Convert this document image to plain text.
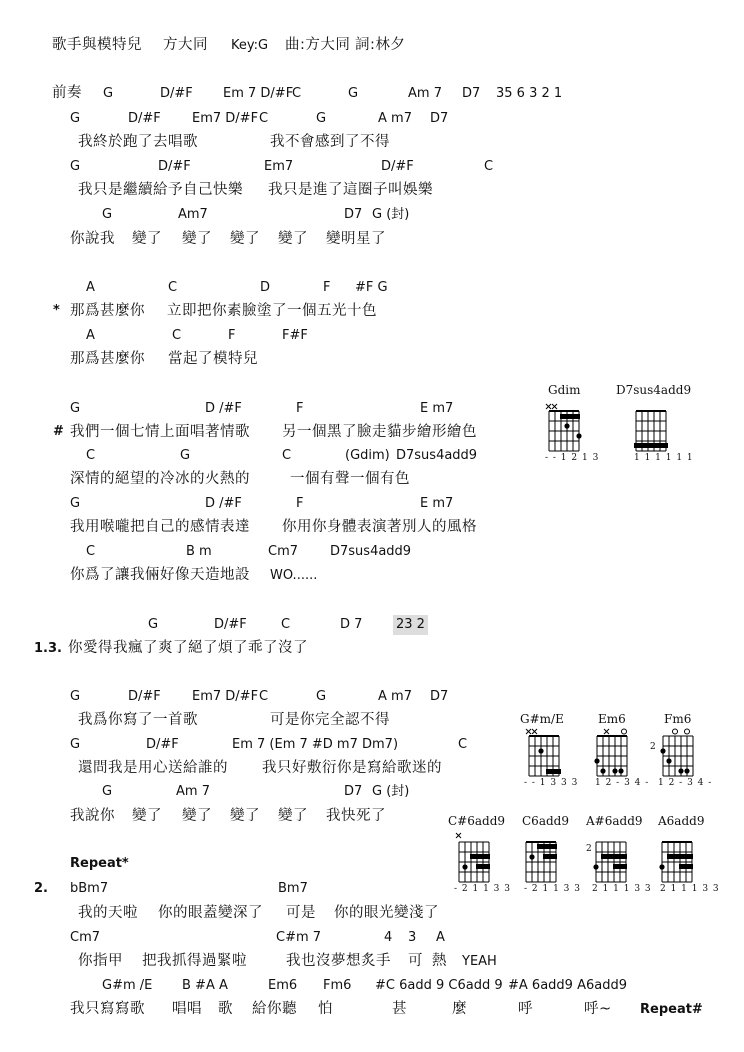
歌手與模特兒 方大同 Key:G 曲:方大同 詞:林夕
前奏 G	D/#F Em 7 D/#F
C	G	Am 7 D7 35 6 3 2 1
G	D/#F Em7 D/#F C	G	A m7 D7
我終於跑了去唱歌	我不會感到了不得
G	D/#F	Em7	D/#F	C
我只是繼續給予自己快樂 我只是進了這圈子叫娛樂
G	Am7	D7 G (封)
你說我 變了 變了 變了 變了 變明星了
A	C	D	F #F G
* 那爲甚麼你 立即把你素臉塗了一個五光十色
A	C	F	F#F
那爲甚麼你 當起了模特兒
G	D /#F	F	E m7
# 我們一個七情上面唱著情歌 另一個黑了臉走貓步繪形繪色
C	G	C	(Gdim) D7sus4add9
深情的絕望的冷冰的火熱的	一個有聲一個有色
G	D /#F	F	E m7
我用喉嚨把自己的感情表達 你用你身體表演著別人的風格
C	B m	Cm7 D7sus4add9
你爲了讓我倆好像天造地設 WO......
G	D/#F	C	D 7	23 2
1.3. 你愛得我瘋了爽了絕了煩了乖了沒了
G	D/#F Em7 D/#F C	G	A m7 D7
我爲你寫了一首歌	可是你完全認不得
G	D/#F	Em 7 (Em 7 #D m7 Dm7)	C
還問我是用心送給誰的 我只好敷衍你是寫給歌迷的
G	Am 7	D7 G (封)
我說你 變了 變了 變了 變了 我快死了
Repeat*
2. bBm7	Bm7
我的天啦 你的眼蓋變深了 可是 你的眼光變淺了
Cm7	C#m 7	4 3 A
你指甲 把我抓得過緊啦	我也沒夢想炙手 可 熱 YEAH
G#m /E B #A A	Em6 Fm6 #C 6add 9 C6add 9 #A 6add9 A6add9
我只寫寫歌 唱唱 歌 給你聽 怕	甚	麼	呼	呼~ Repeat#
Gdim
- - 1 2 1 3
D7sus4add9
1 1 1 1 1 1
G#m/E
- - 1 3 3 3
Em6
1 2 - 3 4 -
Fm6
2
1 2 - 3 4 -
C#6add9
- 2 1 1 3 3
C6add9
- 2 1 1 3 3
A#6add9
2
2 1 1 1 3 3
A6add9
2 1 1 1 3 3
